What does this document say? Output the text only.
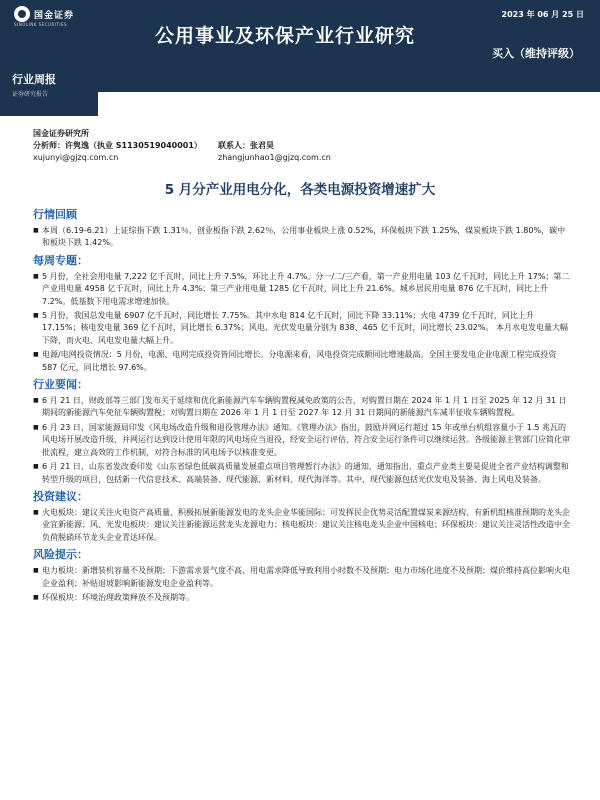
国金证券
SINOLINK SECURITIES
2023 年 06 月 25 日
公用事业及环保产业行业研究
买入（维持评级）
行业周报
证券研究报告
国金证券研究所
分析师：许隽逸（执业 S1130519040001）	联系人：张君昊
xujunyi@gjzq.com.cn	zhangjunhao1@gjzq.com.cn
5 月分产业用电分化，各类电源投资增速扩大
行情回顾
■ 本周（6.19-6.21）上证综指下跌 1.31％，创业板指下跌 2.62％，公用事业板块上涨 0.52%，环保板块下跌 1.25%，煤炭板块下跌 1.80%，碳中和板块下跌 1.42%。
每周专题：
■ 5 月份，全社会用电量 7,222 亿千瓦时，同比上升 7.5%，环比上升 4.7%。分一/二/三产看，第一产业用电量 103 亿千瓦时，同比上升 17%；第二产业用电量 4958 亿千瓦时，同比上升 4.3%；第三产业用电量 1285 亿千瓦时，同比上升 21.6%。城乡居民用电量 876 亿千瓦时，同比上升 7.2%。低基数下用电需求增速加快。
■ 5 月份，我国总发电量 6907 亿千瓦时，同比增长 7.75%。其中水电 814 亿千瓦时，同比下降 33.11%；火电 4739 亿千瓦时，同比上升 17.15%；核电发电量 369 亿千瓦时，同比增长 6.37%；风电、光伏发电量分别为 838、465 亿千瓦时，同比增长 23.02%。 本月水电发电量大幅下降，而火电、风电发电量大幅上升。
■ 电源/电网投资情况：5 月份，电源、电网完成投资皆同比增长。分电源来看，风电投资完成额同比增速最高。全国主要发电企业电源工程完成投资 587 亿元，同比增长 97.6%。
行业要闻：
■ 6 月 21 日，财政部等三部门发布关于延续和优化新能源汽车车辆购置税减免政策的公告，对购置日期在 2024 年 1 月 1 日至 2025 年 12 月 31 日期间的新能源汽车免征车辆购置税；对购置日期在 2026 年 1 月 1 日至 2027 年 12 月 31 日期间的新能源汽车减半征收车辆购置税。
■ 6 月 23 日，国家能源局印发《风电场改造升级和退役管理办法》通知。《管理办法》指出，鼓励并网运行超过 15 年或单台机组容量小于 1.5 兆瓦的风电场开展改造升级，并网运行达到设计使用年限的风电场应当退役，经安全运行评估，符合安全运行条件可以继续运营。各级能源主管部门应简化审批流程，建立高效的工作机制，对符合标准的风电场予以核准变更。
■ 6 月 21 日，山东省发改委印发《山东省绿色低碳高质量发展重点项目管理暂行办法》的通知，通知指出，重点产业类主要是促进全省产业结构调整和转型升级的项目，包括新一代信息技术、高端装备、现代能源、新材料、现代海洋等。其中，现代能源包括光伏发电及装备、海上风电及装备。
投资建议：
■ 火电板块：建议关注火电资产高质量、积极拓展新能源发电的龙头企业华能国际；可发挥民企优势灵活配置煤炭来源结构、有新机组核准预期的龙头企业宜新能源；风、光发电板块：建议关注新能源运营龙头龙源电力；核电板块：建议关注核电龙头企业中国核电；环保板块：建议关注灵活性改造中全负荷脱硝环节龙头企业青达环保。
风险提示：
■ 电力板块：新增装机容量不及预期；下游需求景气度不高、用电需求降低导致利用小时数不及预期；电力市场化进度不及预期；煤价维持高位影响火电企业盈利；补贴退坡影响新能源发电企业盈利等。
■ 环保板块：环境治理政策释放不及预期等。
